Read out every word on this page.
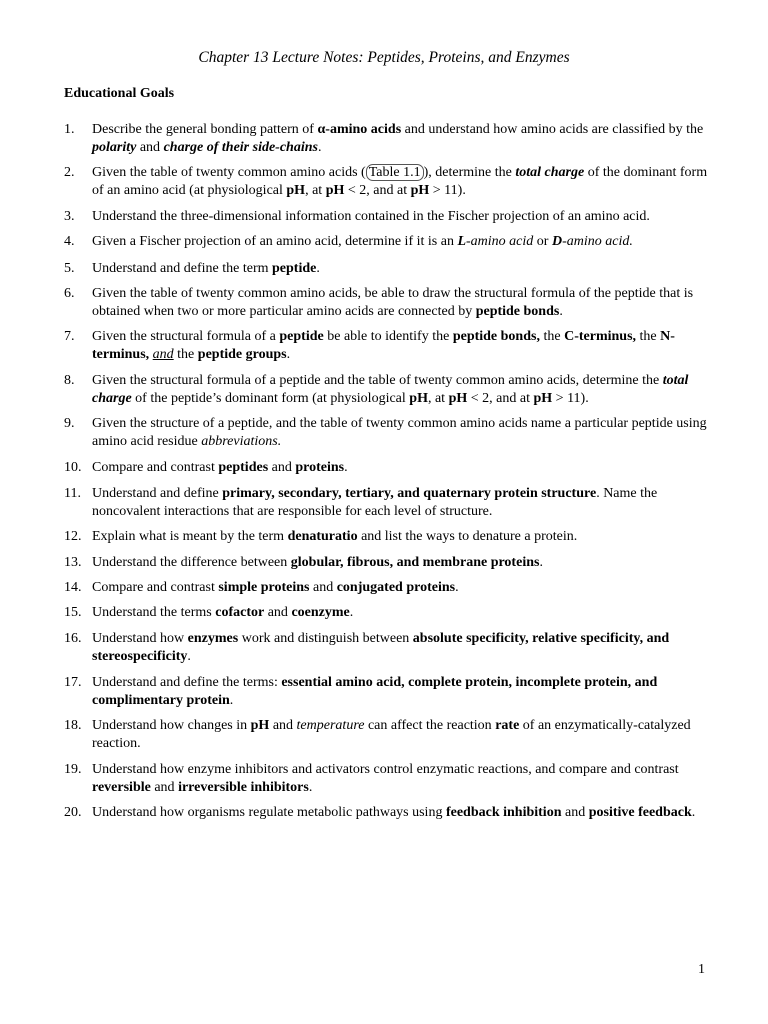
Chapter 13 Lecture Notes: Peptides, Proteins, and Enzymes
Educational Goals
1.	Describe the general bonding pattern of α-amino acids and understand how amino acids are classified by the polarity and charge of their side-chains.
2.	Given the table of twenty common amino acids ( Table 1.1 ), determine the total charge of the dominant form of an amino acid (at physiological pH, at pH < 2, and at pH > 11).
3.	Understand the three-dimensional information contained in the Fischer projection of an amino acid.
4.	Given a Fischer projection of an amino acid, determine if it is an L-amino acid or D-amino acid.
5.	Understand and define the term peptide.
6.	Given the table of twenty common amino acids, be able to draw the structural formula of the peptide that is obtained when two or more particular amino acids are connected by peptide bonds.
7.	Given the structural formula of a peptide be able to identify the peptide bonds, the C-terminus, the N-terminus, and the peptide groups.
8.	Given the structural formula of a peptide and the table of twenty common amino acids, determine the total charge of the peptide’s dominant form (at physiological pH, at pH < 2, and at pH > 11).
9.	Given the structure of a peptide, and the table of twenty common amino acids name a particular peptide using amino acid residue abbreviations.
10. Compare and contrast peptides and proteins.
11. Understand and define primary, secondary, tertiary, and quaternary protein structure. Name the noncovalent interactions that are responsible for each level of structure.
12. Explain what is meant by the term denaturatio and list the ways to denature a protein.
13. Understand the difference between globular, fibrous, and membrane proteins.
14. Compare and contrast simple proteins and conjugated proteins.
15. Understand the terms cofactor and coenzyme.
16. Understand how enzymes work and distinguish between absolute specificity, relative specificity, and stereospecificity.
17. Understand and define the terms: essential amino acid, complete protein, incomplete protein, and complimentary protein.
18. Understand how changes in pH and temperature can affect the reaction rate of an enzymatically-catalyzed reaction.
19. Understand how enzyme inhibitors and activators control enzymatic reactions, and compare and contrast reversible and irreversible inhibitors.
20. Understand how organisms regulate metabolic pathways using feedback inhibition and positive feedback.
1
